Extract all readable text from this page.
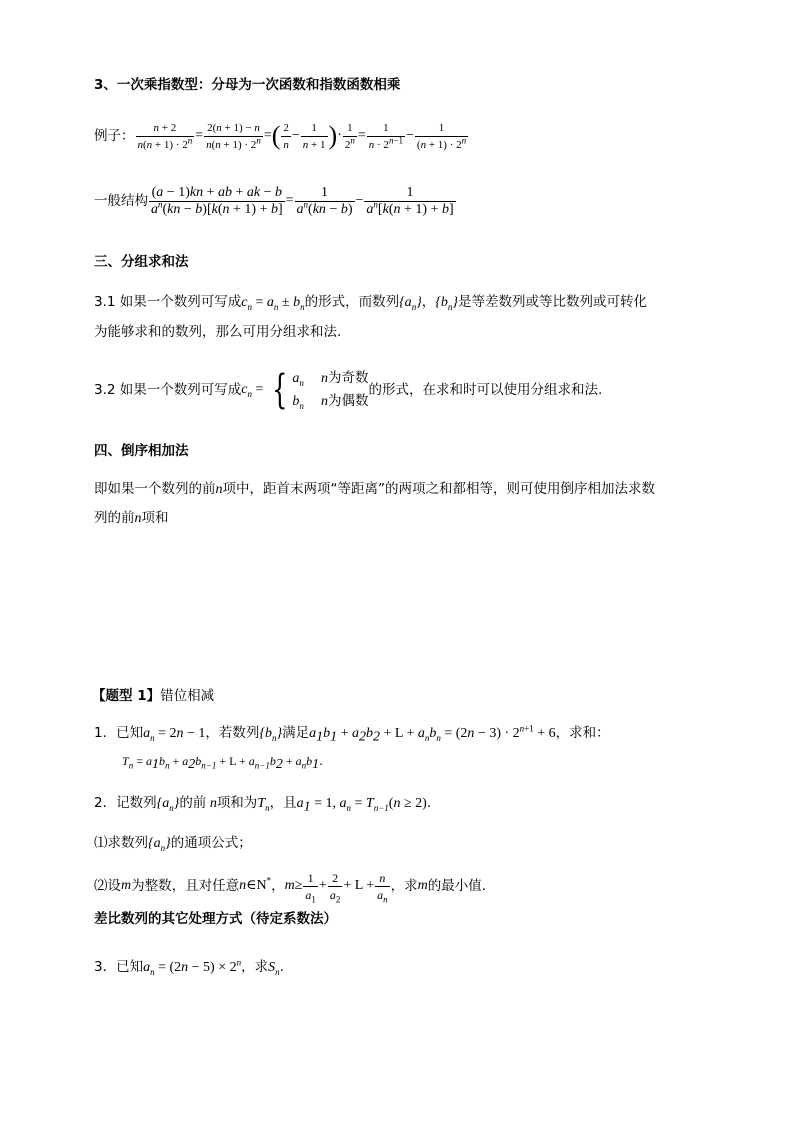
3、一次乘指数型：分母为一次函数和指数函数相乘
例子： $\frac{n + 2}{n(n + 1) \cdot 2^n} = \frac{2(n + 1) - n}{n(n + 1) \cdot 2^n}$ = ( $\frac{2}{n} - \frac{1}{n + 1}$ ) · $\frac{1}{2^n} = \frac{1}{n \cdot 2^{n-1}} - \frac{1}{(n + 1) \cdot 2^n}$
一般结构 $\frac{(a - 1)kn + ab + ak - b}{a^n(kn - b)[k(n + 1) + b]} = \frac{1}{a^n(kn - b)} - \frac{1}{a^n[k(n + 1) + b]}$
三、分组求和法
3.1 如果一个数列可写成$c_n = a_n \pm b_n$的形式，而数列$\{a_n\}$，$\{b_n\}$是等差数列或等比数列或可转化
为能够求和的数列，那么可用分组求和法.
3.2 如果一个数列可写成 $c_n$ = { $a_n$ n为奇数
$b_n$ n为偶数
的形式，在求和时可以使用分组求和法.
四、倒序相加法
即如果一个数列的前n项中，距首末两项“等距离”的两项之和都相等，则可使用倒序相加法求数
列的前n项和
【题型 1】错位相减
1．已知$a_n = 2n - 1$，若数列$\{b_n\}$满足$a_1b_1 + a_2b_2 + L + a_nb_n = (2n - 3) \cdot 2^{n+1} + 6$，求和：
$T_n = a_1b_n + a_2b_{n-1} + L + a_{n-1}b_2 + a_nb_1$.
2．记数列$\{a_n\}$的前 n项和为$T_n$，且$a_1 = 1$, $a_n = T_{n-1}(n \ge 2)$.
⑴求数列$\{a_n\}$的通项公式；
⑵设 m 为整数，且对任意 n ∈N* ， $m \ge \frac{1}{a_1} + \frac{2}{a_2} + L + \frac{n}{a_n}$ ，求 m 的最小值.
差比数列的其它处理方式（待定系数法）
3．已知$a_n = (2n - 5) \times 2^n$，求$S_n$.
